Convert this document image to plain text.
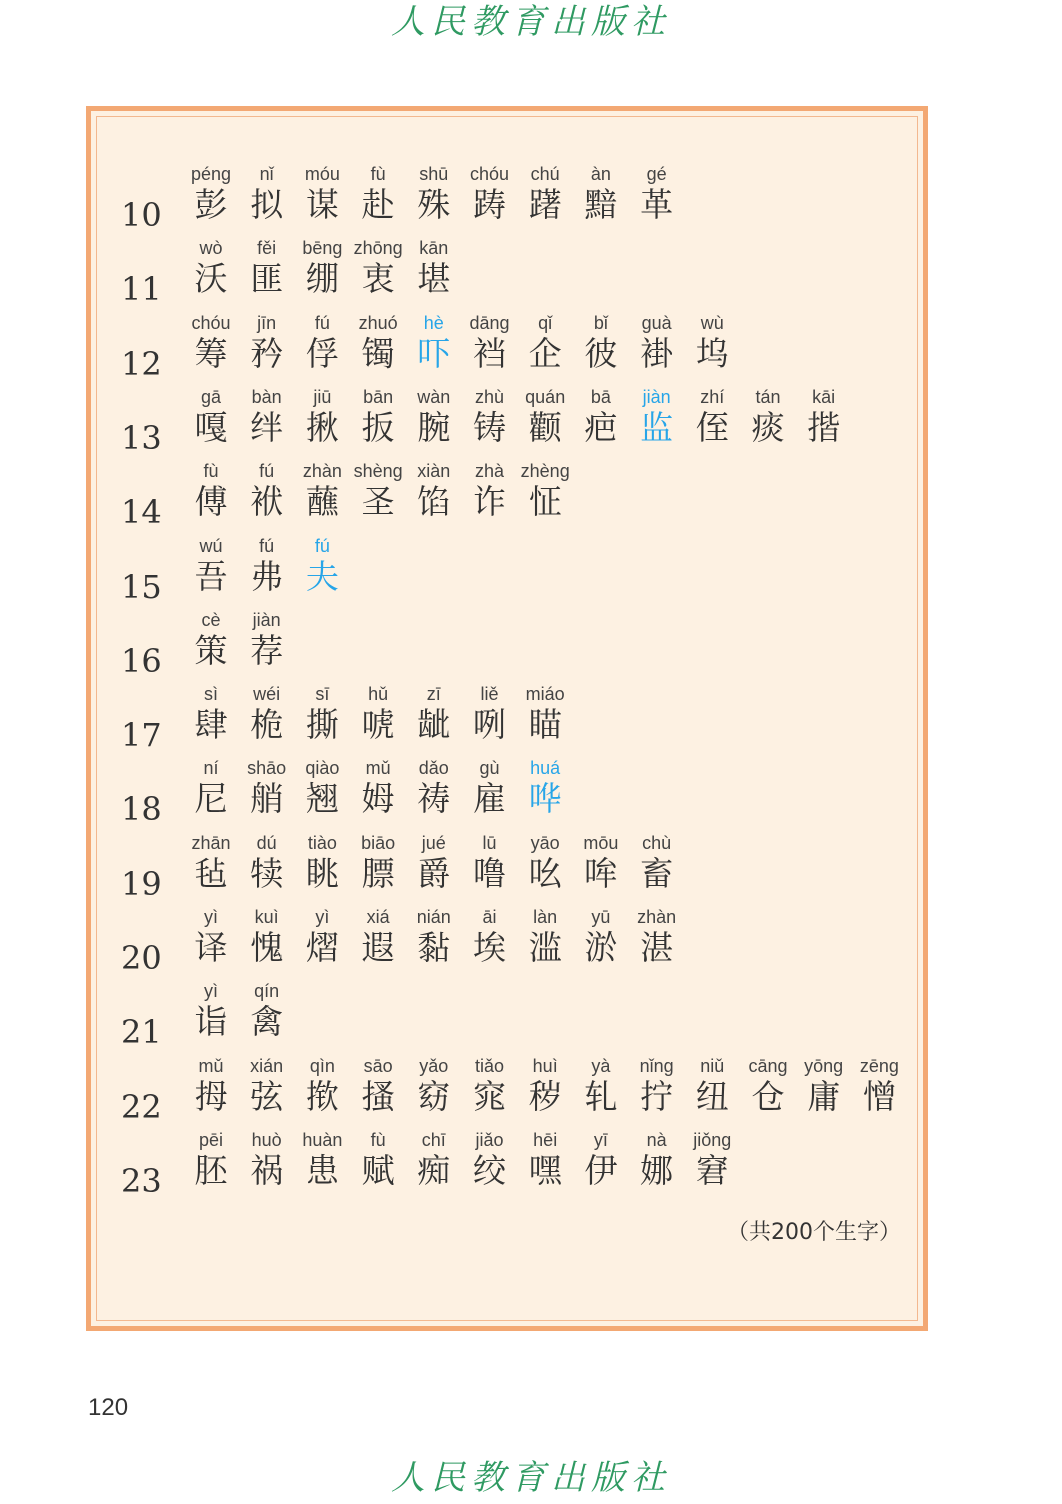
人民教育出版社
10
péng
彭
nǐ
拟
móu
谋
fù
赴
shū
殊
chóu
踌
chú
躇
àn
黯
gé
革
11
wò
沃
fěi
匪
bēng
绷
zhōng
衷
kān
堪
12
chóu
筹
jīn
矜
fú
俘
zhuó
镯
hè
吓
dāng
裆
qǐ
企
bǐ
彼
guà
褂
wù
坞
13
gā
嘎
bàn
绊
jiū
揪
bān
扳
wàn
腕
zhù
铸
quán
颧
bā
疤
jiàn
监
zhí
侄
tán
痰
kāi
揩
14
fù
傅
fú
袱
zhàn
蘸
shèng
圣
xiàn
馅
zhà
诈
zhèng
怔
15
wú
吾
fú
弗
fú
夫
16
cè
策
jiàn
荐
17
sì
肆
wéi
桅
sī
撕
hǔ
唬
zī
龇
liě
咧
miáo
瞄
18
ní
尼
shāo
艄
qiào
翘
mǔ
姆
dǎo
祷
gù
雇
huá
哗
19
zhān
毡
dú
犊
tiào
眺
biāo
膘
jué
爵
lū
噜
yāo
吆
mōu
哞
chù
畜
20
yì
译
kuì
愧
yì
熠
xiá
遐
nián
黏
āi
埃
làn
滥
yū
淤
zhàn
湛
21
yì
诣
qín
禽
22
mǔ
拇
xián
弦
qìn
揿
sāo
搔
yǎo
窈
tiǎo
窕
huì
秽
yà
轧
nǐng
拧
niǔ
纽
cāng
仓
yōng
庸
zēng
憎
23
pēi
胚
huò
祸
huàn
患
fù
赋
chī
痴
jiǎo
绞
hēi
嘿
yī
伊
nà
娜
jiǒng
窘
（共200个生字）
120
人民教育出版社
